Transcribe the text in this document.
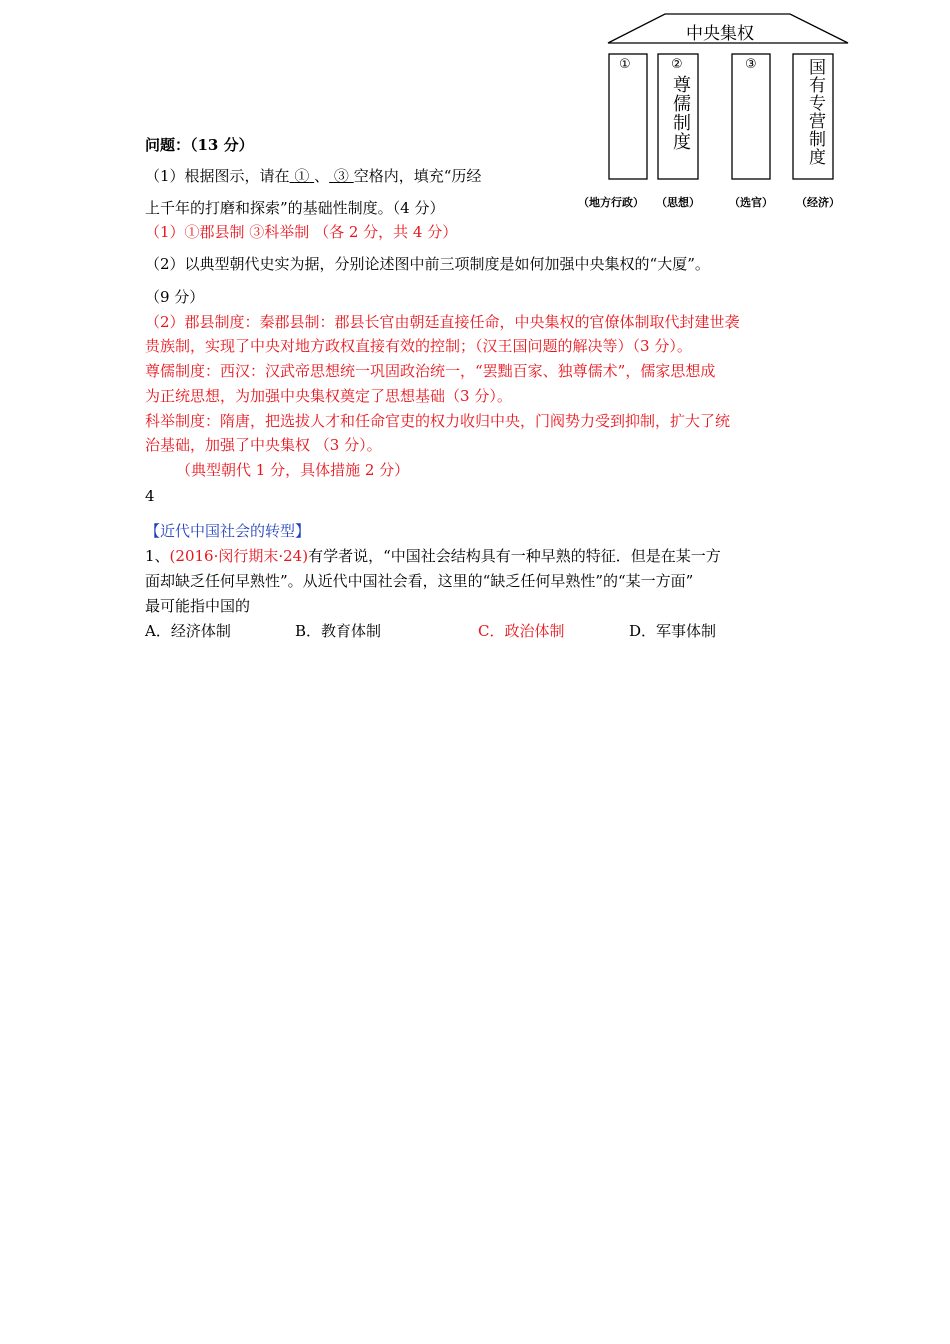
中央集权
①	②
尊儒制度
③	国有专营制度
（地方行政） （思想）	（选官） （经济）
问题：（13 分）
（1）根据图示，请在 ① 、 ③ 空格内，填充“历经
上千年的打磨和探索”的基础性制度。（4 分）
（1）①郡县制 ③科举制 （各 2 分，共 4 分）
（2）以典型朝代史实为据，分别论述图中前三项制度是如何加强中央集权的“大厦”。
（9 分）
（2）郡县制度：秦郡县制：郡县长官由朝廷直接任命，中央集权的官僚体制取代封建世袭
贵族制，实现了中央对地方政权直接有效的控制；（汉王国问题的解决等）（3 分）。
尊儒制度：西汉：汉武帝思想统一巩固政治统一，“罢黜百家、独尊儒术”，儒家思想成
为正统思想，为加强中央集权奠定了思想基础（3 分）。
科举制度：隋唐，把选拔人才和任命官吏的权力收归中央，门阀势力受到抑制，扩大了统
治基础，加强了中央集权 （3 分）。
（典型朝代 1 分，具体措施 2 分）
4
【近代中国社会的转型】
1、(2016·闵行期末·24)有学者说，“中国社会结构具有一种早熟的特征．但是在某一方
面却缺乏任何早熟性”。从近代中国社会看，这里的“缺乏任何早熟性”的“某一方面”
最可能指中国的
A．经济体制	B．教育体制	C．政治体制	D．军事体制
